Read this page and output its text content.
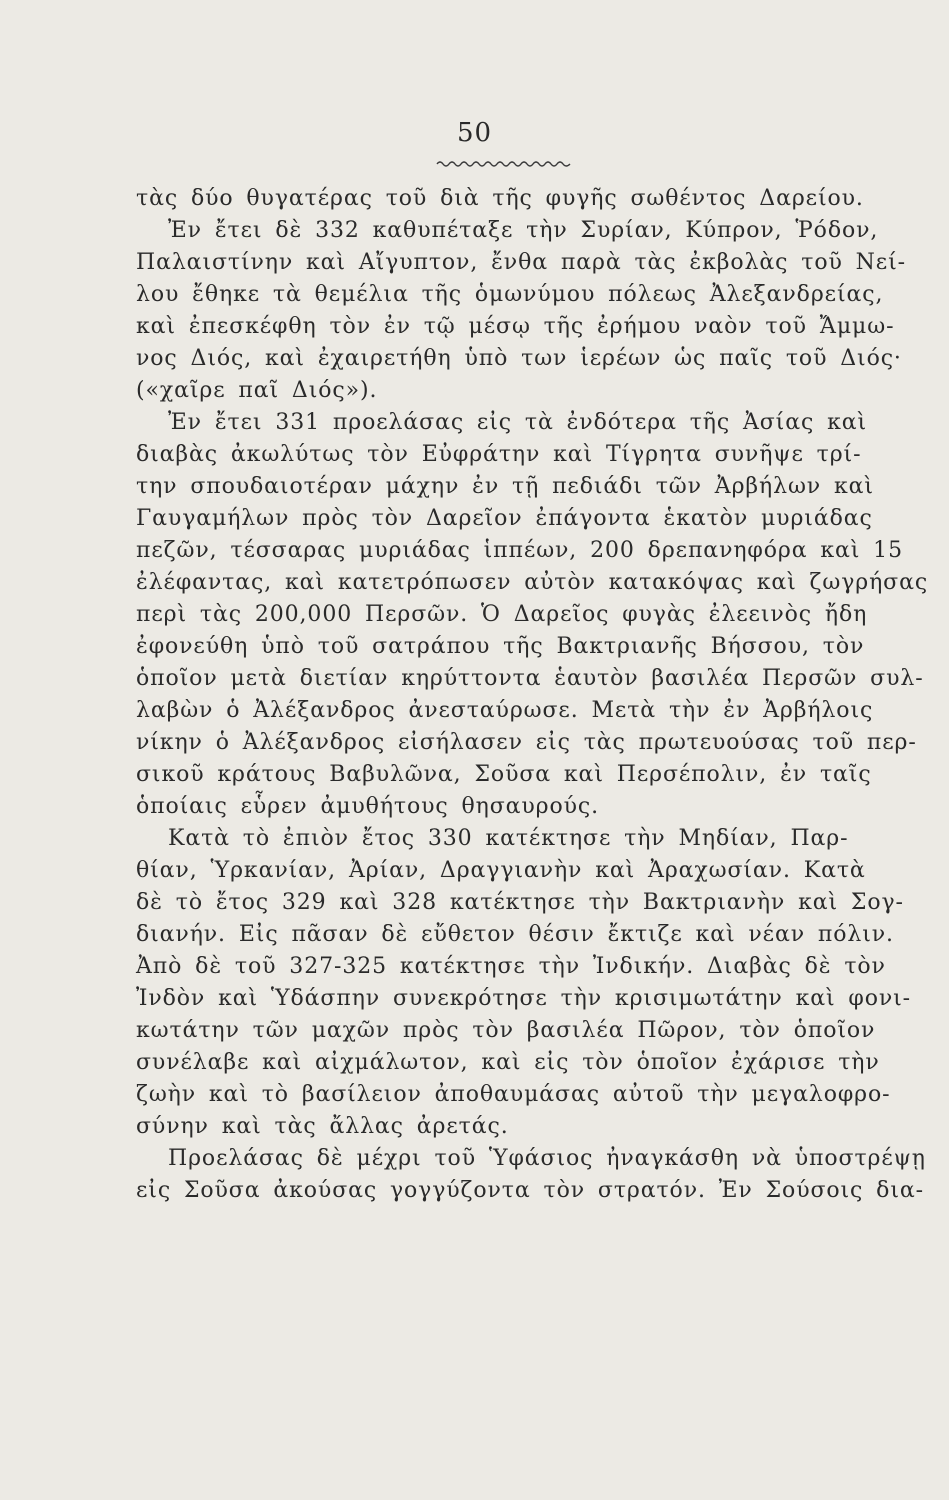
50
τὰς δύο θυγατέρας τοῦ διὰ τῆς φυγῆς σωθέντος Δαρείου.
Ἐν ἔτει δὲ 332 καθυπέταξε τὴν Συρίαν, Κύπρον, Ῥόδον,
Παλαιστίνην καὶ Αἴγυπτον, ἔνθα παρὰ τὰς ἐκβολὰς τοῦ Νεί-
λου ἔθηκε τὰ θεμέλια τῆς ὁμωνύμου πόλεως Ἀλεξανδρείας,
καὶ ἐπεσκέφθη τὸν ἐν τῷ μέσῳ τῆς ἐρήμου ναὸν τοῦ Ἄμμω-
νος Διός, καὶ ἐχαιρετήθη ὑπὸ των ἱερέων ὡς παῖς τοῦ Διός·
(«χαῖρε παῖ Διός»).
Ἐν ἔτει 331 προελάσας εἰς τὰ ἐνδότερα τῆς Ἀσίας καὶ
διαβὰς ἀκωλύτως τὸν Εὐφράτην καὶ Τίγρητα συνῆψε τρί-
την σπουδαιοτέραν μάχην ἐν τῇ πεδιάδι τῶν Ἀρβήλων καὶ
Γαυγαμήλων πρὸς τὸν Δαρεῖον ἐπάγοντα ἑκατὸν μυριάδας
πεζῶν, τέσσαρας μυριάδας ἱππέων, 200 δρεπανηφόρα καὶ 15
ἐλέφαντας, καὶ κατετρόπωσεν αὐτὸν κατακόψας καὶ ζωγρήσας
περὶ τὰς 200,000 Περσῶν. Ὁ Δαρεῖος φυγὰς ἐλεεινὸς ἤδη
ἐφονεύθη ὑπὸ τοῦ σατράπου τῆς Βακτριανῆς Βήσσου, τὸν
ὁποῖον μετὰ διετίαν κηρύττοντα ἑαυτὸν βασιλέα Περσῶν συλ-
λαβὼν ὁ Ἀλέξανδρος ἀνεσταύρωσε. Μετὰ τὴν ἐν Ἀρβήλοις
νίκην ὁ Ἀλέξανδρος εἰσήλασεν εἰς τὰς πρωτευούσας τοῦ περ-
σικοῦ κράτους Βαβυλῶνα, Σοῦσα καὶ Περσέπολιν, ἐν ταῖς
ὁποίαις εὗρεν ἀμυθήτους θησαυρούς.
Κατὰ τὸ ἐπιὸν ἔτος 330 κατέκτησε τὴν Μηδίαν, Παρ-
θίαν, Ὑρκανίαν, Ἀρίαν, Δραγγιανὴν καὶ Ἀραχωσίαν. Κατὰ
δὲ τὸ ἔτος 329 καὶ 328 κατέκτησε τὴν Βακτριανὴν καὶ Σογ-
διανήν. Εἰς πᾶσαν δὲ εὔθετον θέσιν ἔκτιζε καὶ νέαν πόλιν.
Ἀπὸ δὲ τοῦ 327-325 κατέκτησε τὴν Ἰνδικήν. Διαβὰς δὲ τὸν
Ἰνδὸν καὶ Ὑδάσπην συνεκρότησε τὴν κρισιμωτάτην καὶ φονι-
κωτάτην τῶν μαχῶν πρὸς τὸν βασιλέα Πῶρον, τὸν ὁποῖον
συνέλαβε καὶ αἰχμάλωτον, καὶ εἰς τὸν ὁποῖον ἐχάρισε τὴν
ζωὴν καὶ τὸ βασίλειον ἀποθαυμάσας αὐτοῦ τὴν μεγαλοφρο-
σύνην καὶ τὰς ἄλλας ἀρετάς.
Προελάσας δὲ μέχρι τοῦ Ὑφάσιος ἠναγκάσθη νὰ ὑποστρέψῃ
εἰς Σοῦσα ἀκούσας γογγύζοντα τὸν στρατόν. Ἐν Σούσοις δια-
